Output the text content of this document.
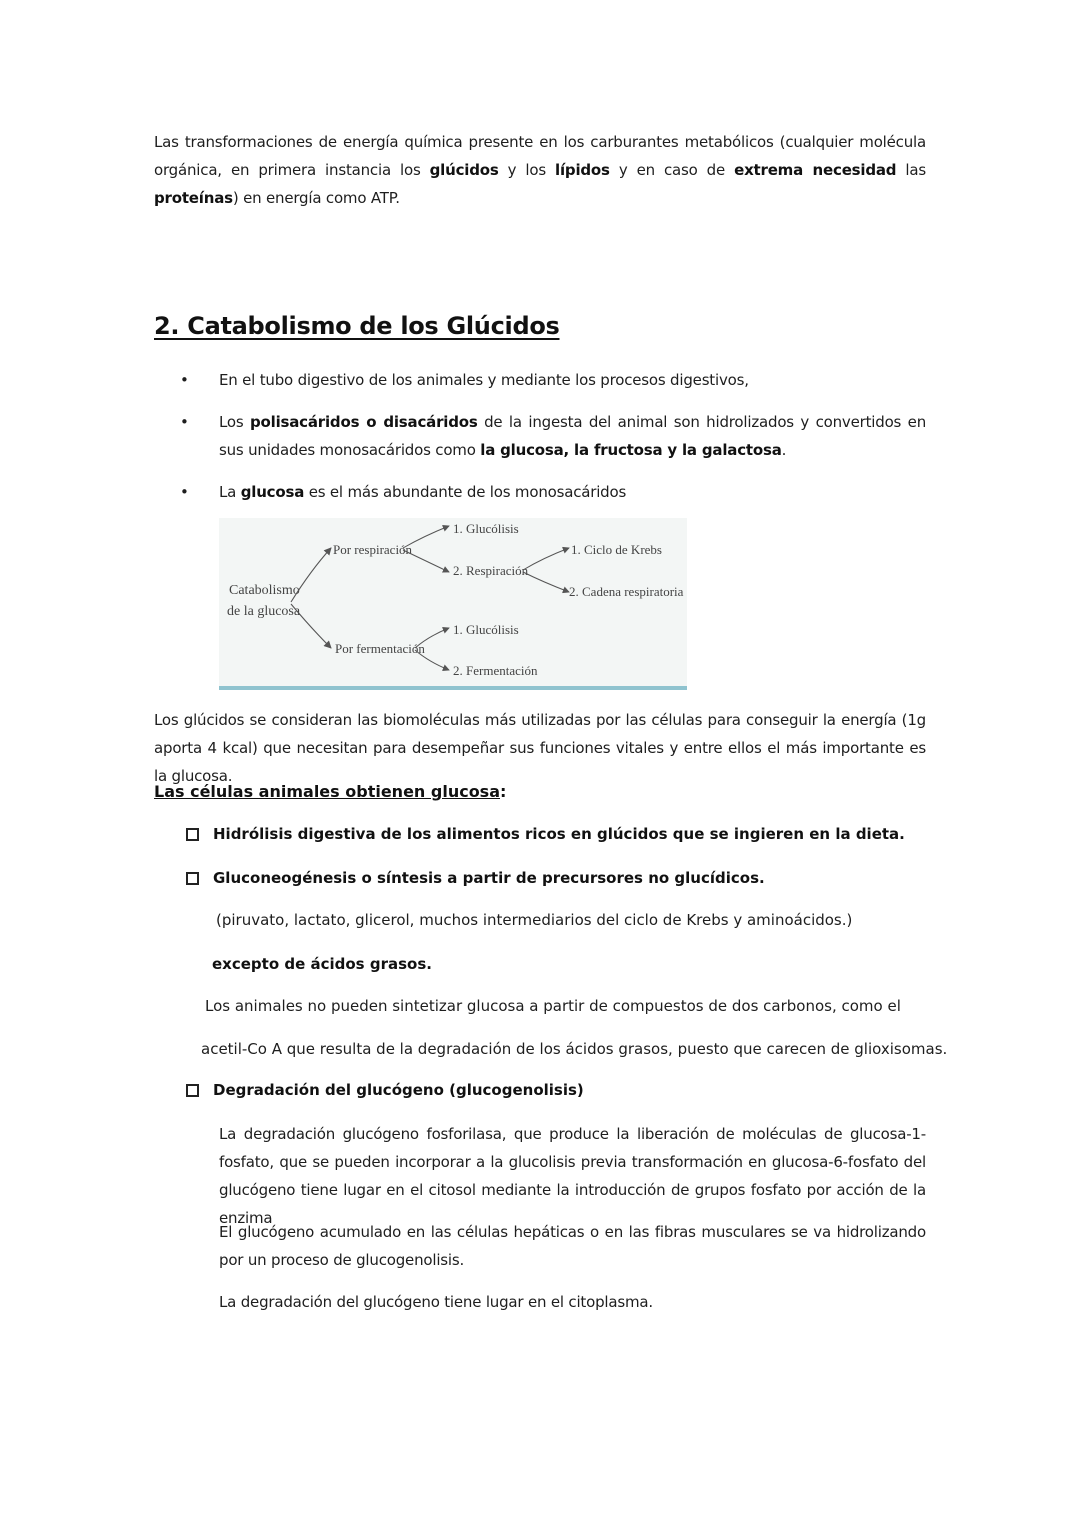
Las transformaciones de energía química presente en los carburantes metabólicos (cualquier molécula orgánica, en primera instancia los glúcidos y los lípidos y en caso de extrema necesidad las proteínas) en energía como ATP.

2. Catabolismo de los Glúcidos
• En el tubo digestivo de los animales y mediante los procesos digestivos,

• Los polisacáridos o disacáridos de la ingesta del animal son hidrolizados y convertidos en sus unidades monosacáridos como la glucosa, la fructosa y la galactosa.

• La glucosa es el más abundante de los monosacáridos

Catabolismo
de la glucosa
Por respiración
Por fermentación
1. Glucólisis
2. Respiración
1. Ciclo de Krebs
2. Cadena respiratoria
1. Glucólisis
2. Fermentación

Los glúcidos se consideran las biomoléculas más utilizadas por las células para conseguir la energía (1g aporta 4 kcal) que necesitan para desempeñar sus funciones vitales y entre ellos el más importante es la glucosa.

Las células animales obtienen glucosa:
Hidrólisis digestiva de los alimentos ricos en glúcidos que se ingieren en la dieta.
Gluconeogénesis o síntesis a partir de precursores no glucídicos.
(piruvato, lactato, glicerol, muchos intermediarios del ciclo de Krebs y aminoácidos.)
excepto de ácidos grasos.
Los animales no pueden sintetizar glucosa a partir de compuestos de dos carbonos, como el
acetil-Co A que resulta de la degradación de los ácidos grasos, puesto que carecen de glioxisomas.
Degradación del glucógeno (glucogenolisis)

La degradación glucógeno fosforilasa, que produce la liberación de moléculas de glucosa-1-fosfato, que se pueden incorporar a la glucolisis previa transformación en glucosa-6-fosfato del glucógeno tiene lugar en el citosol mediante la introducción de grupos fosfato por acción de la enzima

El glucógeno acumulado en las células hepáticas o en las fibras musculares se va hidrolizando por un proceso de glucogenolisis.

La degradación del glucógeno tiene lugar en el citoplasma.
